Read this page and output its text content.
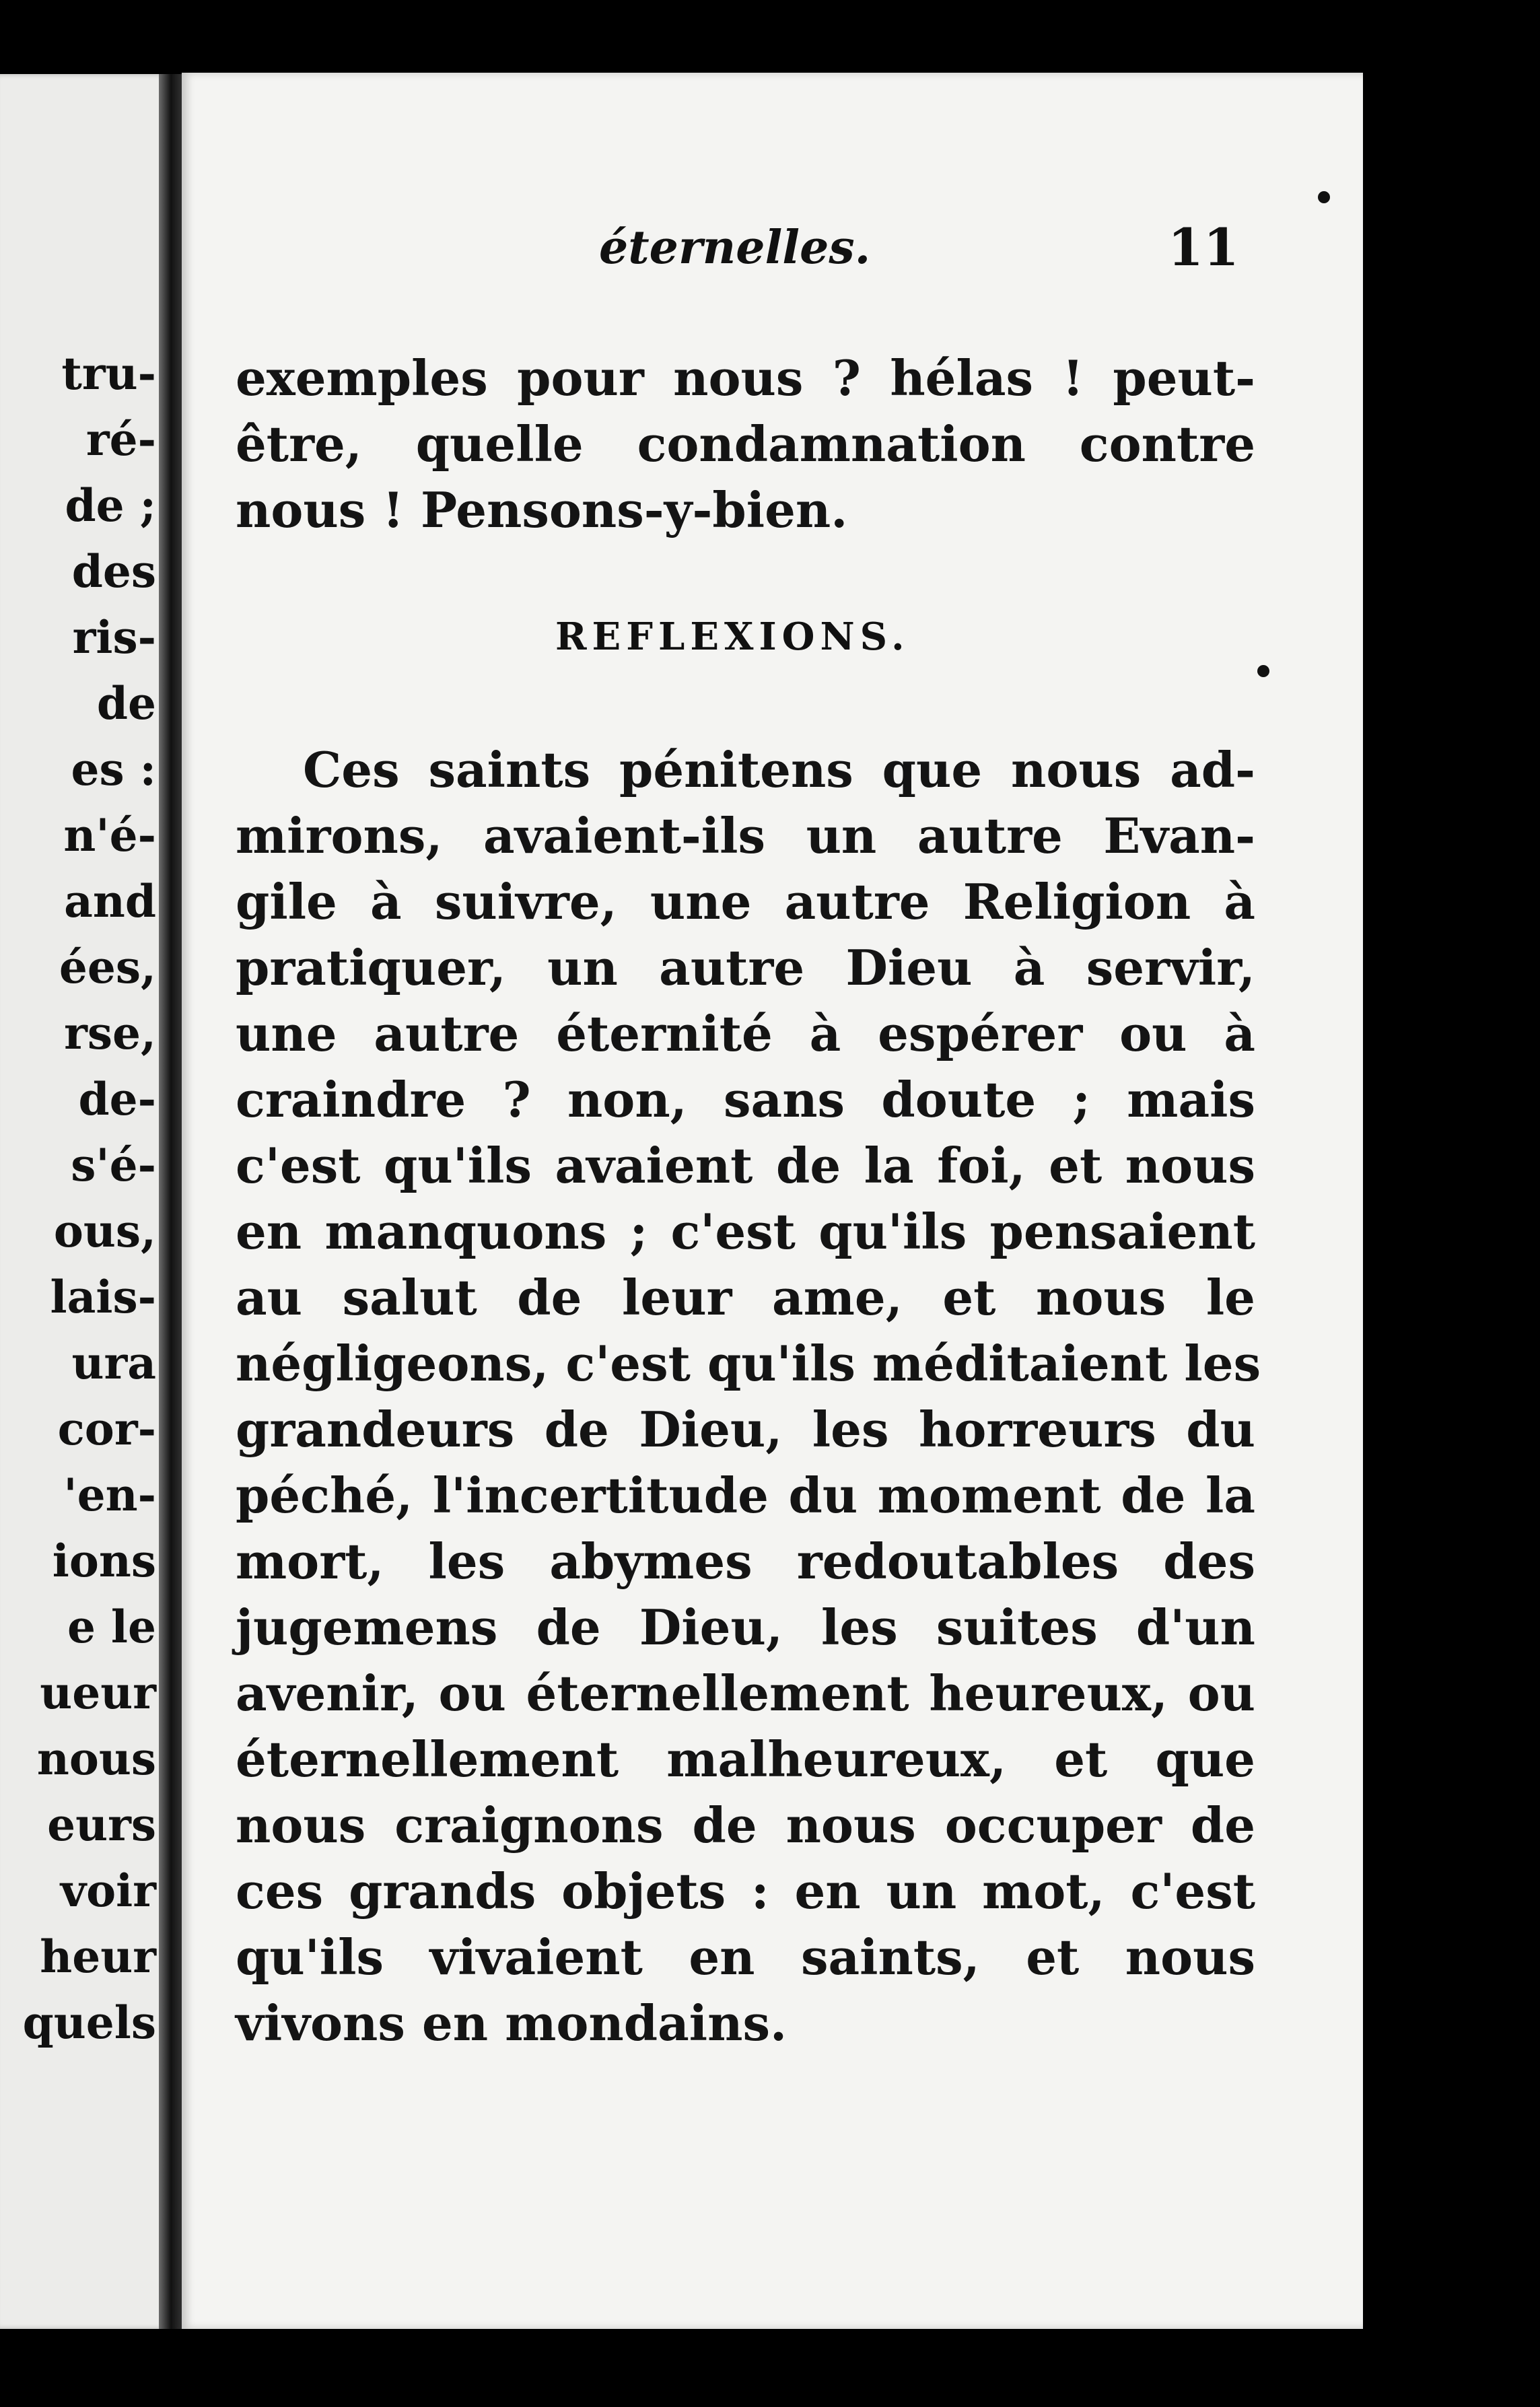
tru-
ré-
de ;
des
ris-
de
es :
n'é-
and
ées,
rse,
de-
s'é-
ous,
lais-
ura
cor-
'en-
ions
e le
ueur
nous
eurs
voir
heur
quels
éternelles.	11
exemples pour nous ? hélas ! peut-
être, quelle condamnation contre
nous ! Pensons-y-bien.
REFLEXIONS.
Ces saints pénitens que nous ad-
mirons, avaient-ils un autre Evan-
gile à suivre, une autre Religion à
pratiquer, un autre Dieu à servir,
une autre éternité à espérer ou à
craindre ? non, sans doute ; mais
c'est qu'ils avaient de la foi, et nous
en manquons ; c'est qu'ils pensaient
au salut de leur ame, et nous le
négligeons, c'est qu'ils méditaient les
grandeurs de Dieu, les horreurs du
péché, l'incertitude du moment de la
mort, les abymes redoutables des
jugemens de Dieu, les suites d'un
avenir, ou éternellement heureux, ou
éternellement malheureux, et que
nous craignons de nous occuper de
ces grands objets : en un mot, c'est
qu'ils vivaient en saints, et nous
vivons en mondains.
